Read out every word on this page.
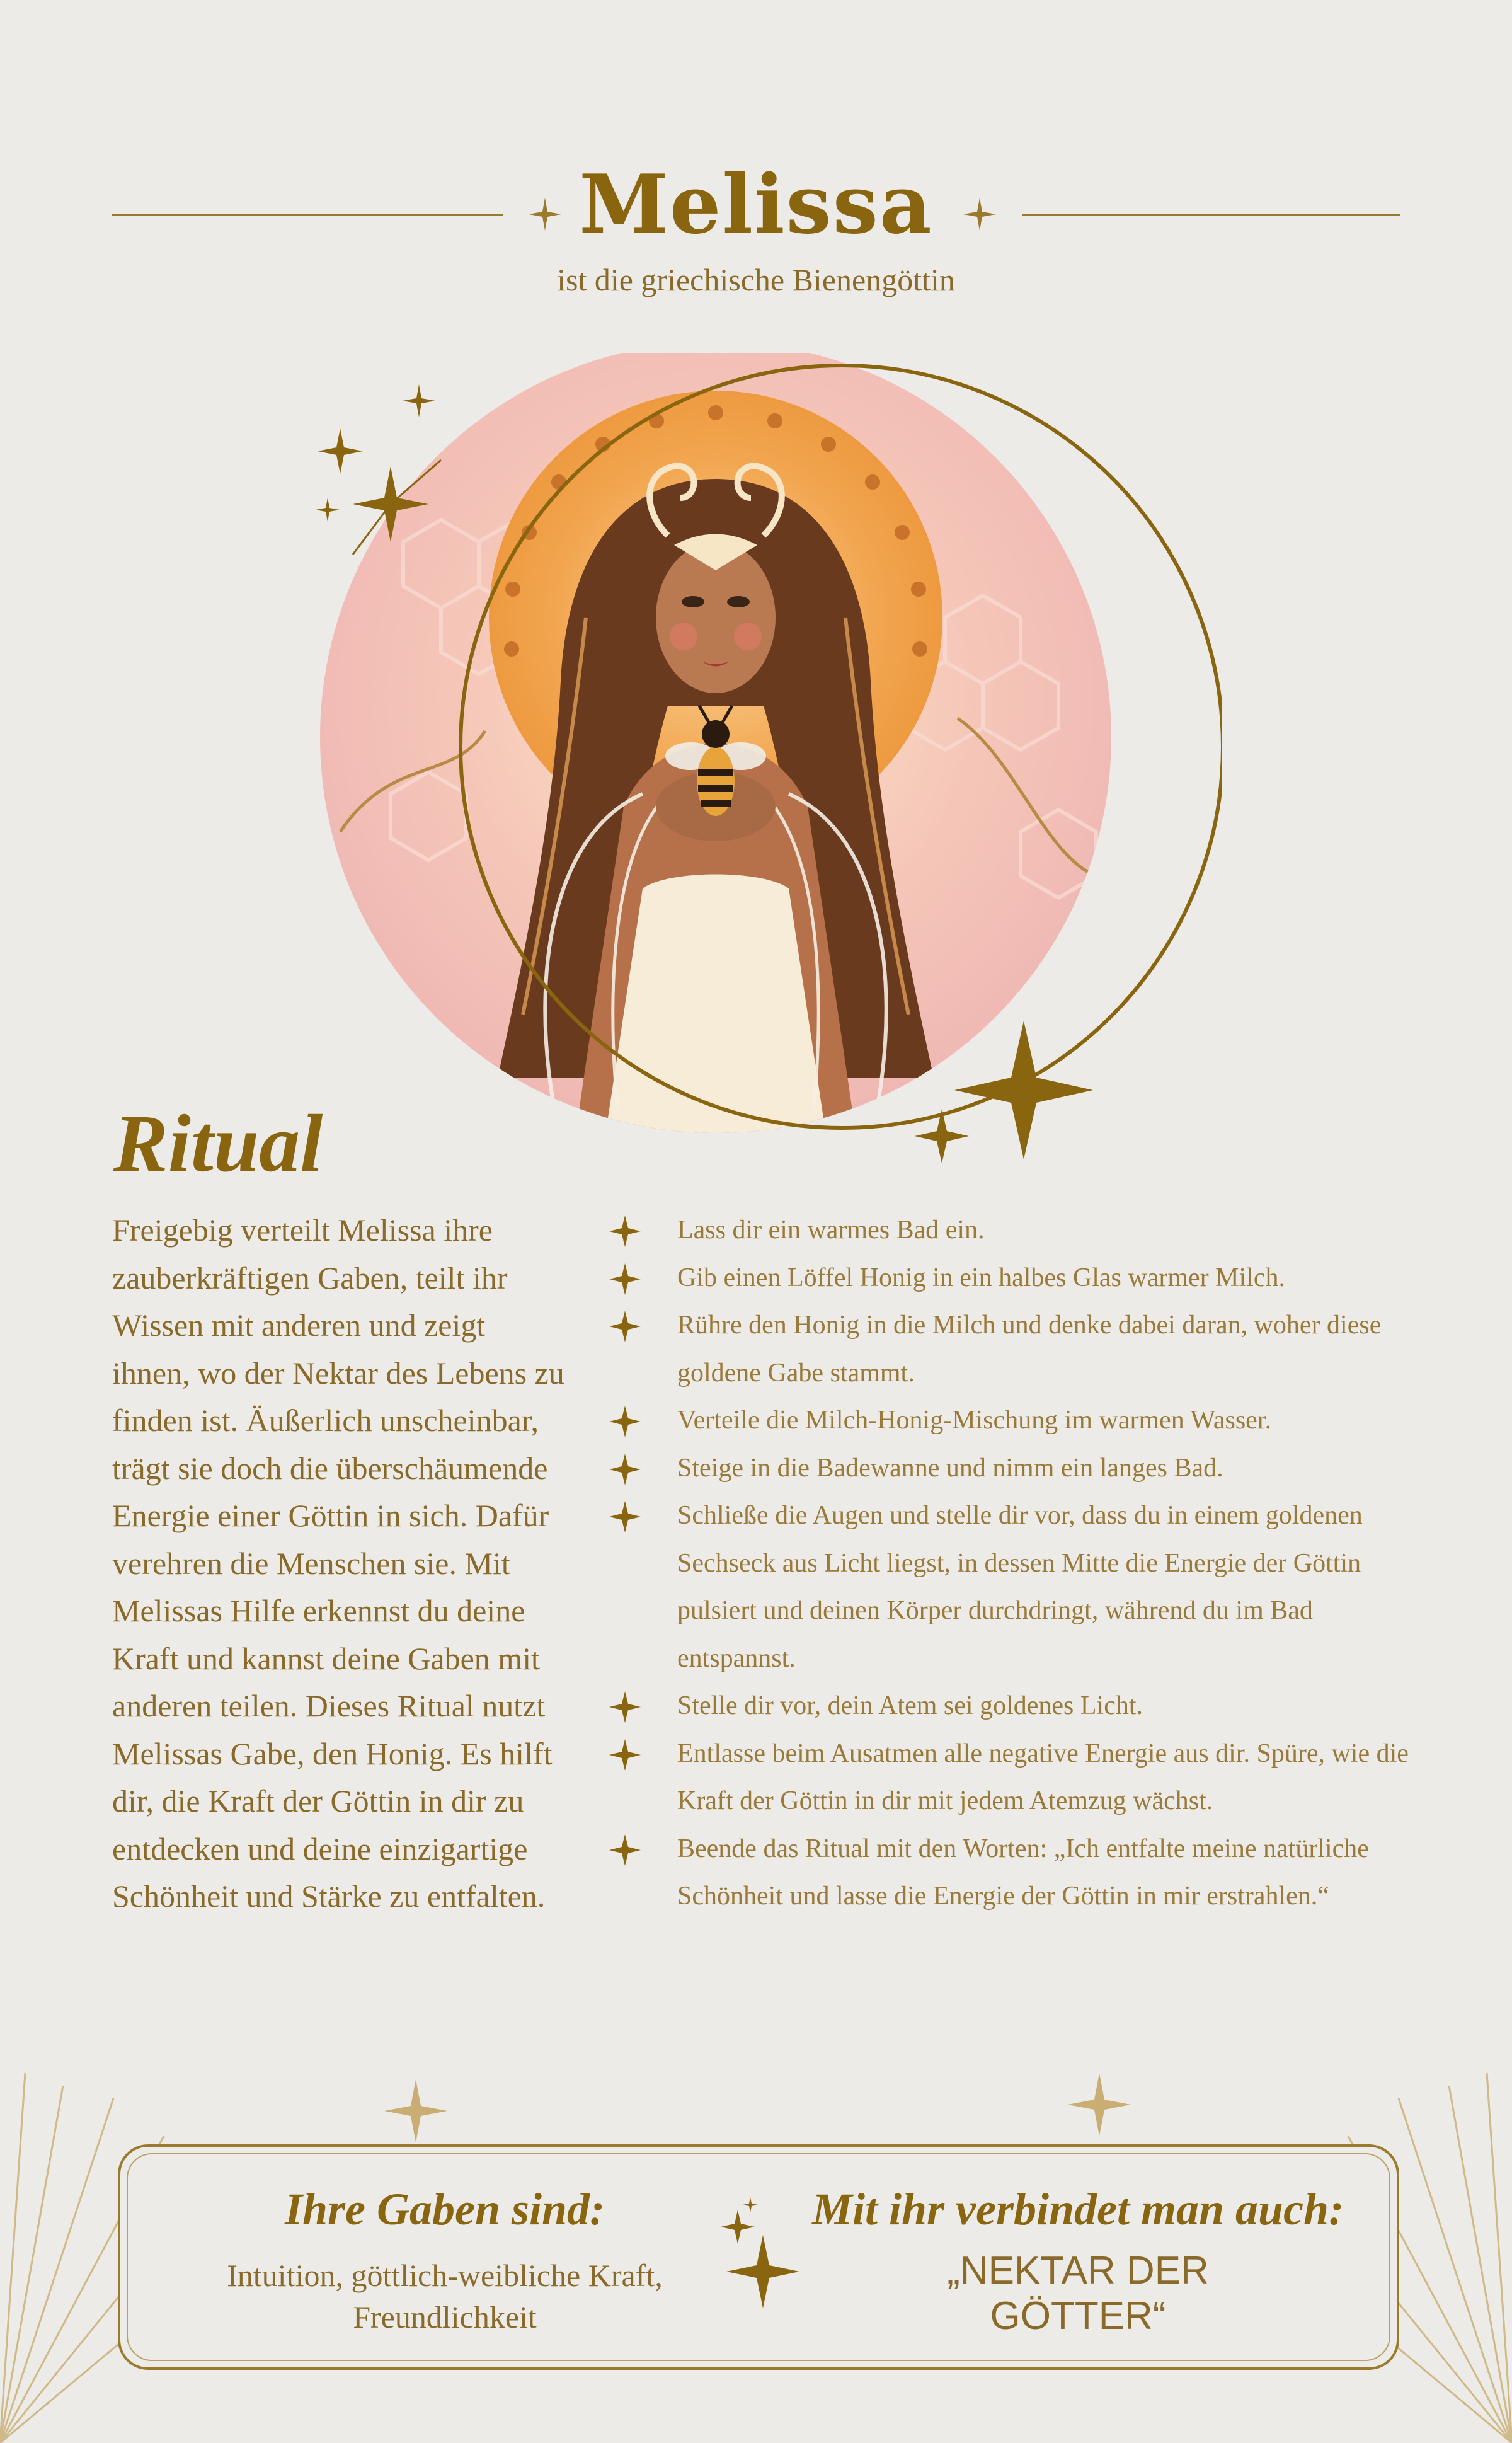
Melissa
ist die griechische Bienengöttin
Ritual

Freigebig verteilt Melissa ihre zauberkräftigen Gaben, teilt ihr Wissen mit anderen und zeigt ihnen, wo der Nektar des Lebens zu finden ist. Äußerlich unscheinbar, trägt sie doch die überschäumende Energie einer Göttin in sich. Dafür verehren die Menschen sie. Mit Melissas Hilfe erkennst du deine Kraft und kannst deine Gaben mit anderen teilen. Dieses Ritual nutzt Melissas Gabe, den Honig. Es hilft dir, die Kraft der Göttin in dir zu entdecken und deine einzigartige Schönheit und Stärke zu entfalten.

Lass dir ein warmes Bad ein.
Gib einen Löffel Honig in ein halbes Glas warmer Milch.
Rühre den Honig in die Milch und denke dabei daran, woher diese goldene Gabe stammt.
Verteile die Milch-Honig-Mischung im warmen Wasser.
Steige in die Badewanne und nimm ein langes Bad.
Schließe die Augen und stelle dir vor, dass du in einem goldenen Sechseck aus Licht liegst, in dessen Mitte die Energie der Göttin pulsiert und deinen Körper durchdringt, während du im Bad entspannst.
Stelle dir vor, dein Atem sei goldenes Licht.
Entlasse beim Ausatmen alle negative Energie aus dir. Spüre, wie die Kraft der Göttin in dir mit jedem Atemzug wächst.
Beende das Ritual mit den Worten: „Ich entfalte meine natürliche Schönheit und lasse die Energie der Göttin in mir erstrahlen.“
Ihre Gaben sind:
Intuition, göttlich-weibliche Kraft,
Freundlichkeit
Mit ihr verbindet man auch:
„NEKTAR DER
GÖTTER“
